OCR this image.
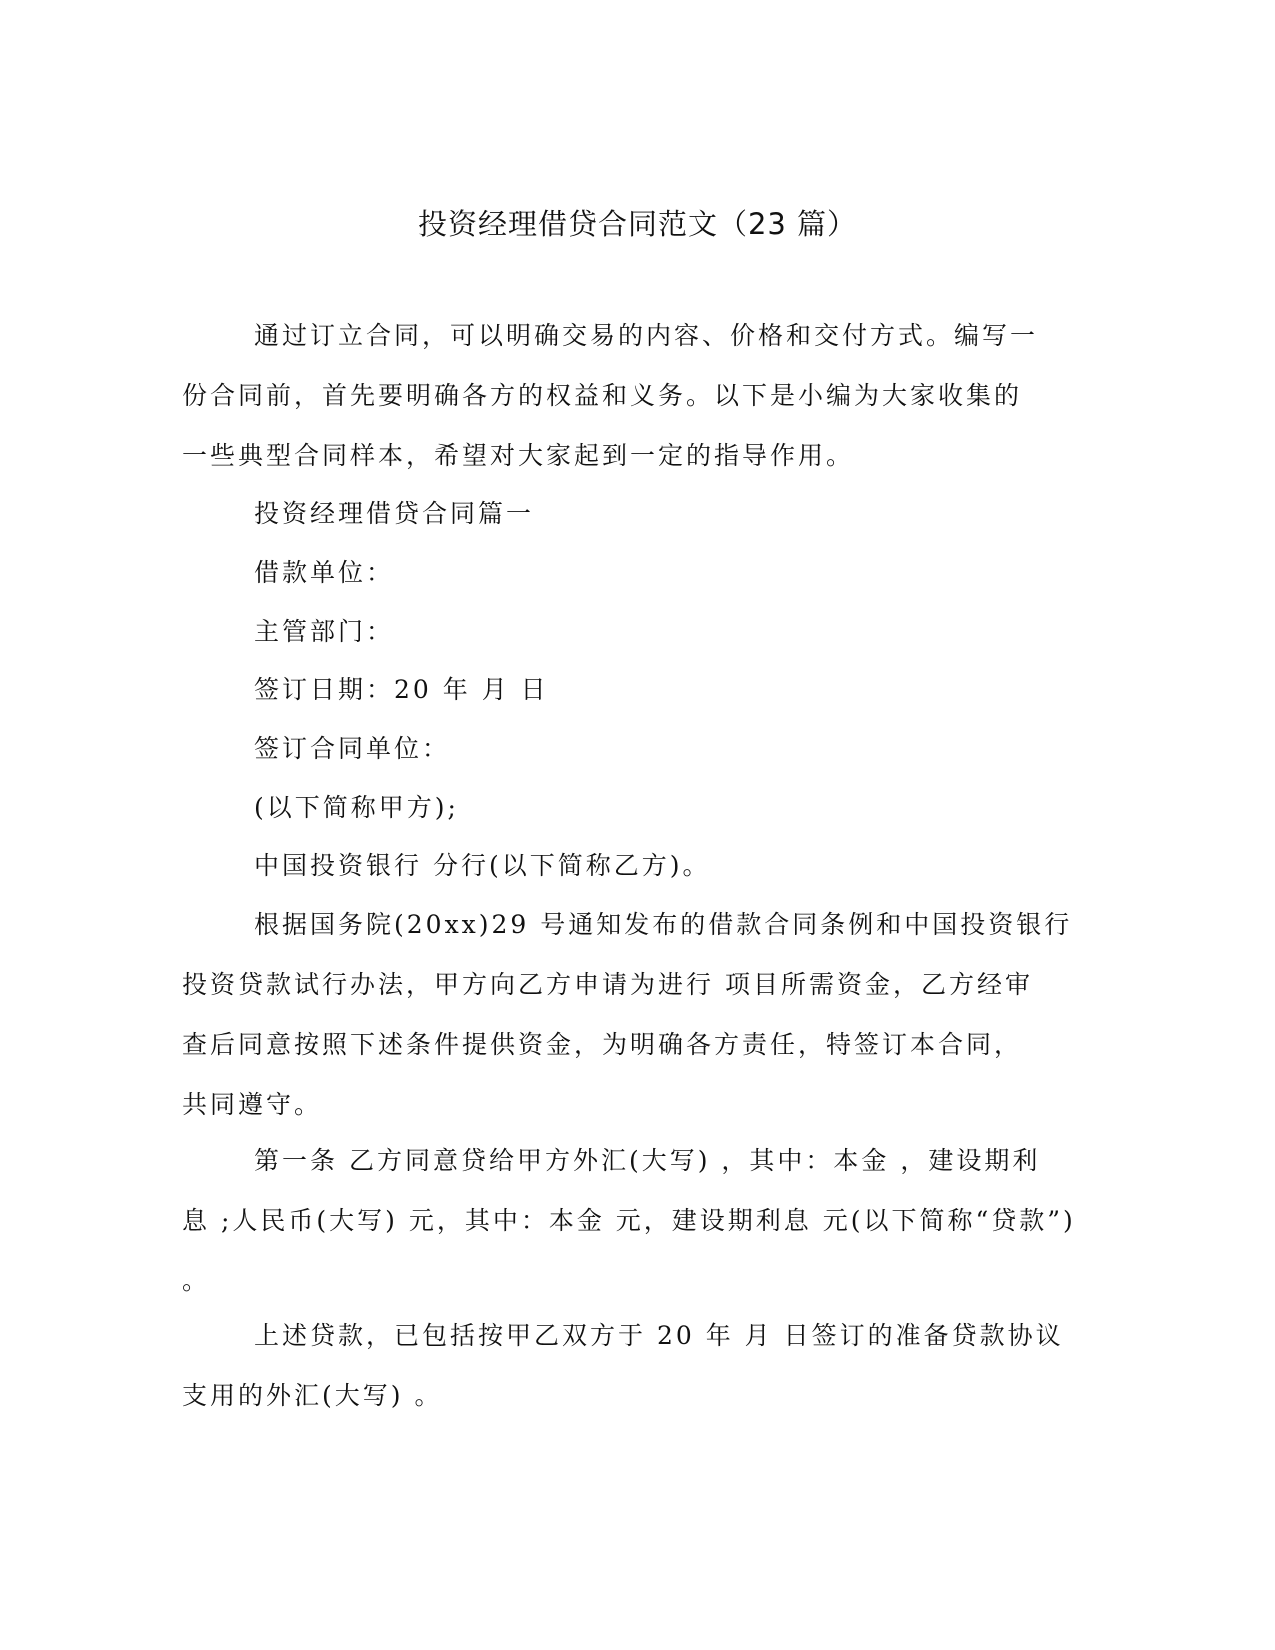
投资经理借贷合同范文（23 篇）
通过订立合同，可以明确交易的内容、价格和交付方式。编写一
份合同前，首先要明确各方的权益和义务。以下是小编为大家收集的
一些典型合同样本，希望对大家起到一定的指导作用。
投资经理借贷合同篇一
借款单位：
主管部门：
签订日期：20 年 月 日
签订合同单位：
(以下简称甲方);
中国投资银行 分行(以下简称乙方)。
根据国务院(20xx)29 号通知发布的借款合同条例和中国投资银行
投资贷款试行办法，甲方向乙方申请为进行 项目所需资金，乙方经审
查后同意按照下述条件提供资金，为明确各方责任，特签订本合同，
共同遵守。
第一条 乙方同意贷给甲方外汇(大写) ，其中：本金 ，建设期利
息 ;人民币(大写) 元，其中：本金 元，建设期利息 元(以下简称“贷款”)
。
上述贷款，已包括按甲乙双方于 20 年 月 日签订的准备贷款协议
支用的外汇(大写) 。
